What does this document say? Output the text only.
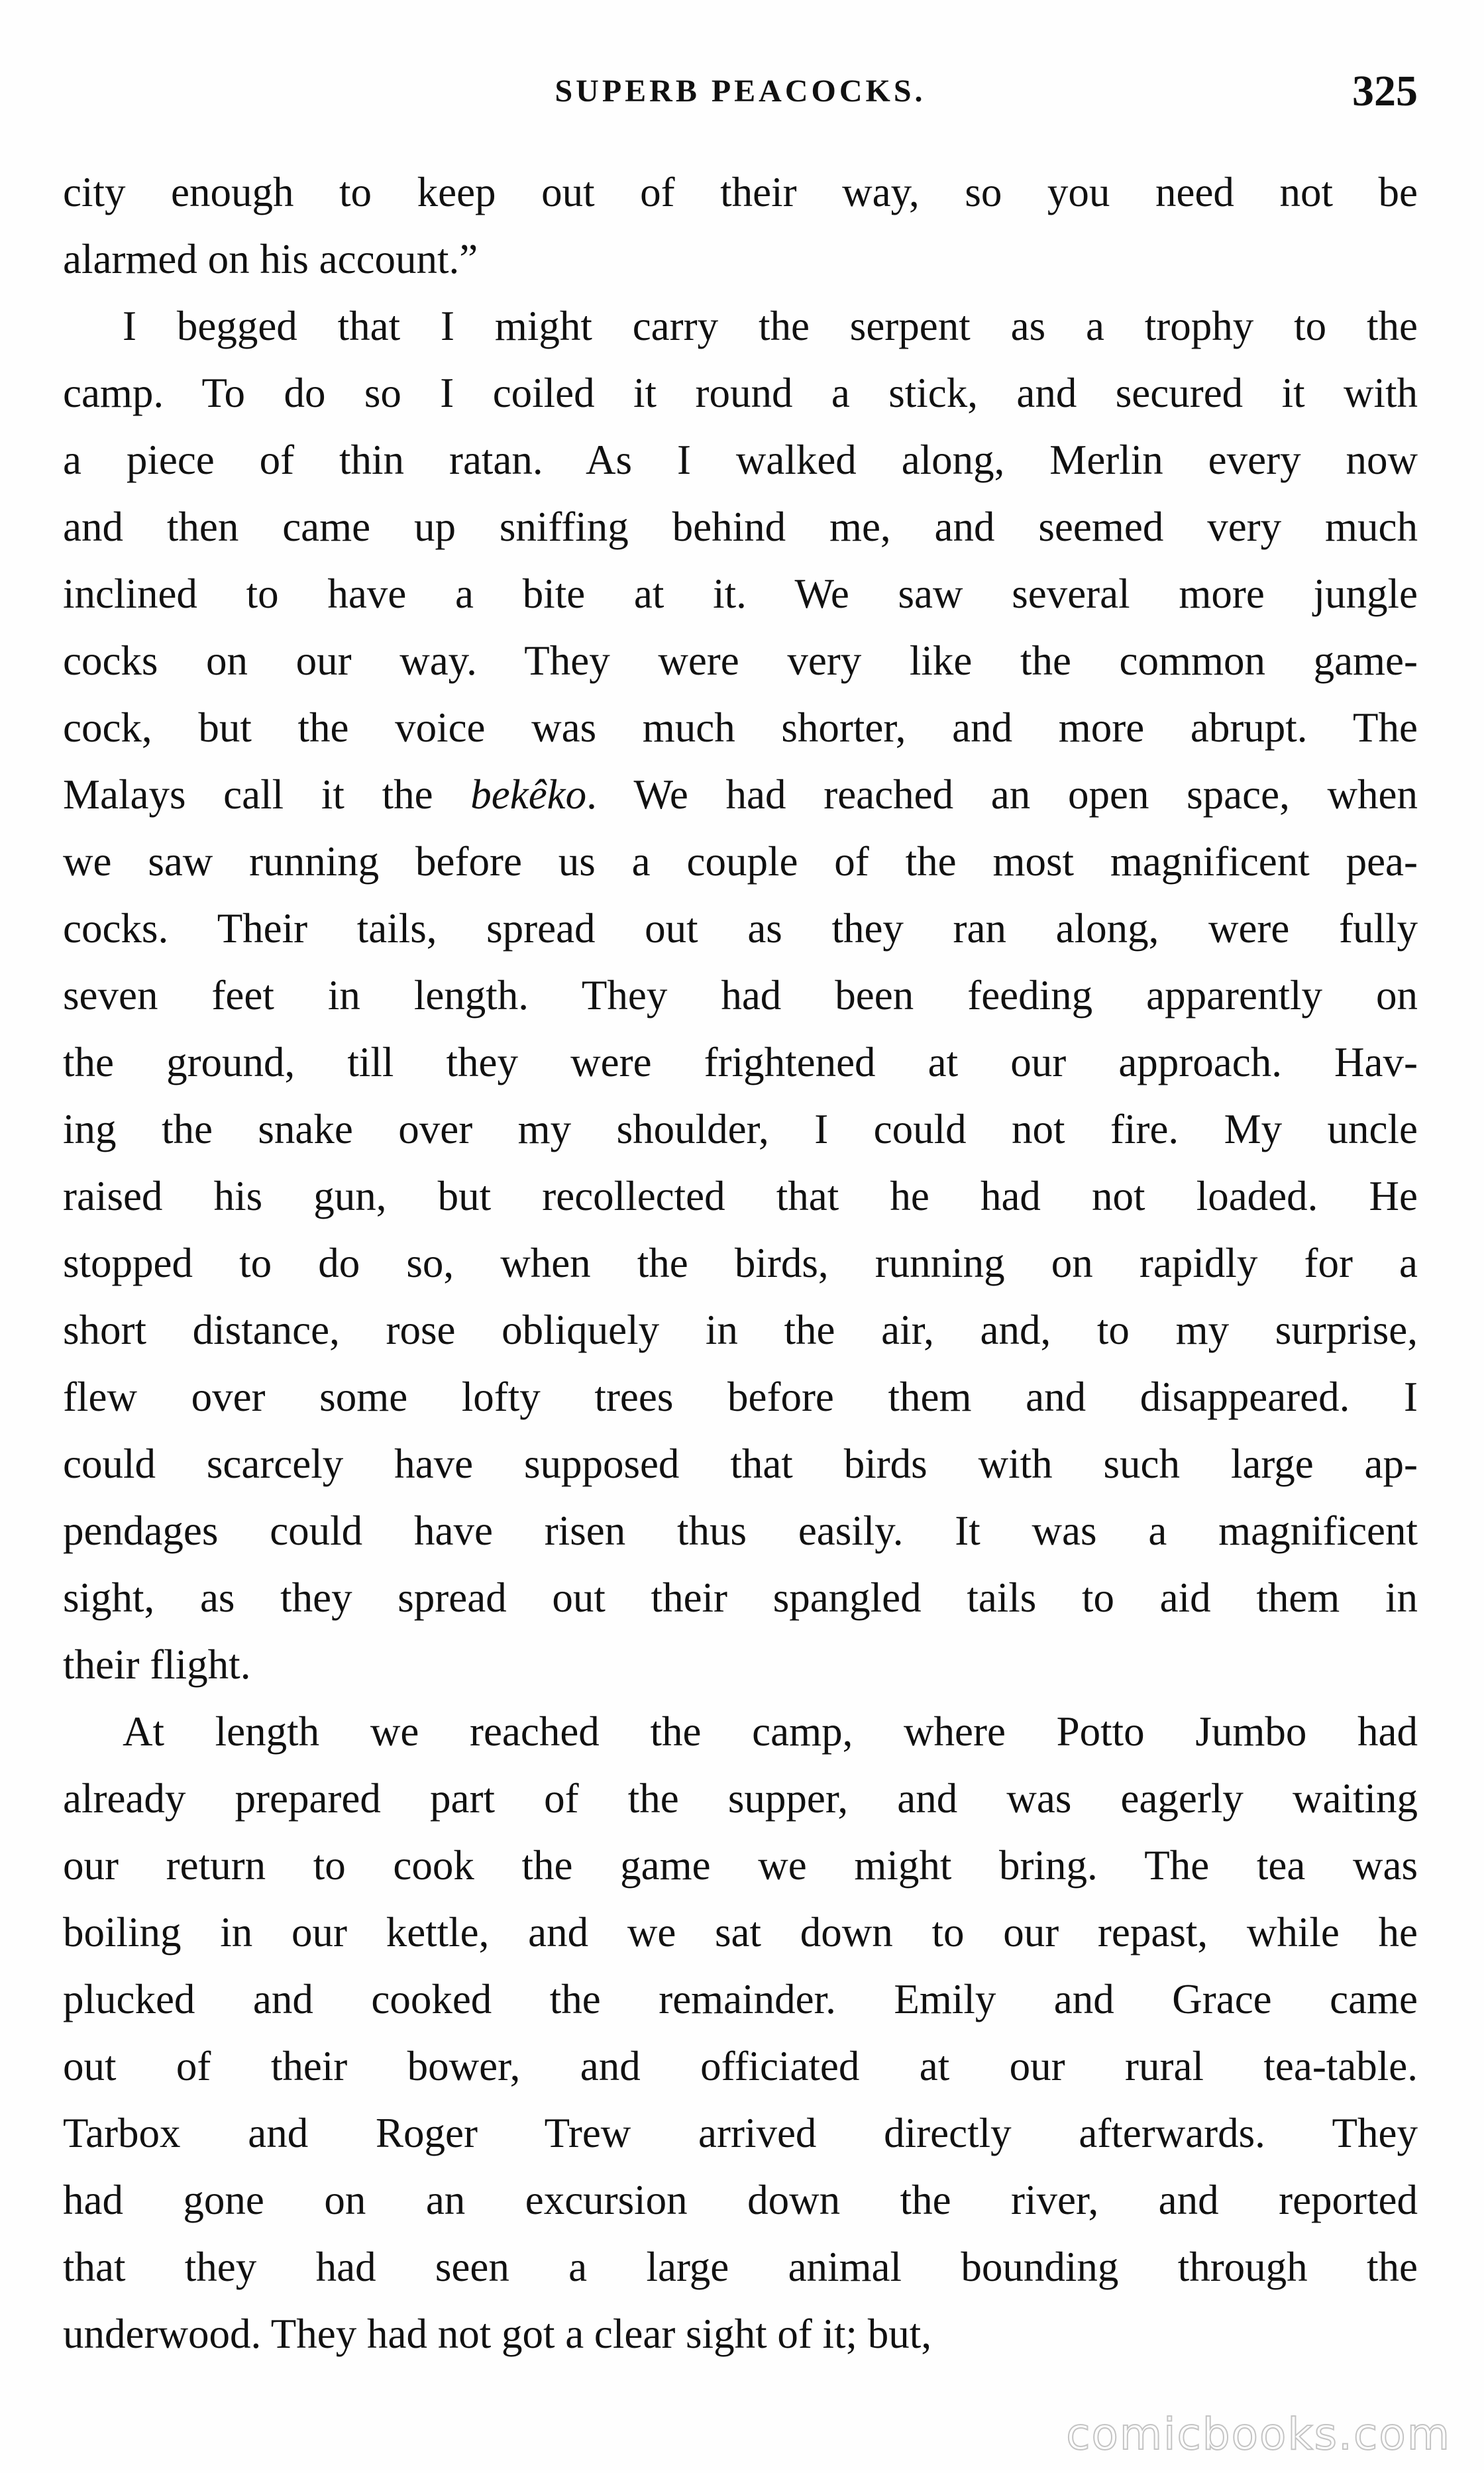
SUPERB PEACOCKS.	325
city enough to keep out of their way, so you need not be
alarmed on his account.”
I begged that I might carry the serpent as a trophy to the
camp. To do so I coiled it round a stick, and secured it with
a piece of thin ratan. As I walked along, Merlin every now
and then came up sniffing behind me, and seemed very much
inclined to have a bite at it. We saw several more jungle
cocks on our way. They were very like the common game-
cock, but the voice was much shorter, and more abrupt. The
Malays call it the bekêko. We had reached an open space, when
we saw running before us a couple of the most magnificent pea-
cocks. Their tails, spread out as they ran along, were fully
seven feet in length. They had been feeding apparently on
the ground, till they were frightened at our approach. Hav-
ing the snake over my shoulder, I could not fire. My uncle
raised his gun, but recollected that he had not loaded. He
stopped to do so, when the birds, running on rapidly for a
short distance, rose obliquely in the air, and, to my surprise,
flew over some lofty trees before them and disappeared. I
could scarcely have supposed that birds with such large ap-
pendages could have risen thus easily. It was a magnificent
sight, as they spread out their spangled tails to aid them in
their flight.
At length we reached the camp, where Potto Jumbo had
already prepared part of the supper, and was eagerly waiting
our return to cook the game we might bring. The tea was
boiling in our kettle, and we sat down to our repast, while he
plucked and cooked the remainder. Emily and Grace came
out of their bower, and officiated at our rural tea-table.
Tarbox and Roger Trew arrived directly afterwards. They
had gone on an excursion down the river, and reported
that they had seen a large animal bounding through the
underwood. They had not got a clear sight of it; but,
comicbooks.com
